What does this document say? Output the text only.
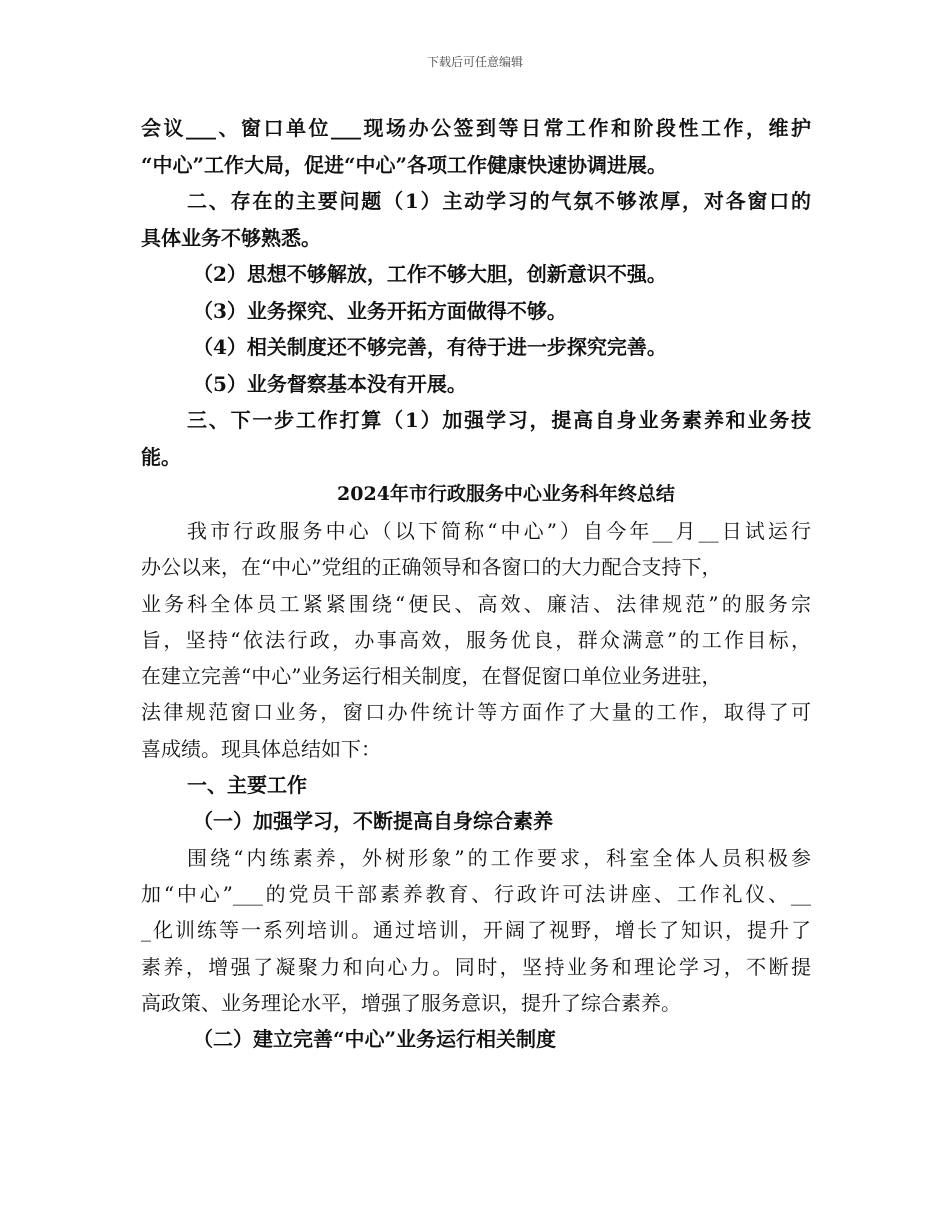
下载后可任意编辑
会议___、窗口单位___现场办公签到等日常工作和阶段性工作，维护
“中心”工作大局，促进“中心”各项工作健康快速协调进展。
二、存在的主要问题（1）主动学习的气氛不够浓厚，对各窗口的
具体业务不够熟悉。
（2）思想不够解放，工作不够大胆，创新意识不强。
（3）业务探究、业务开拓方面做得不够。
（4）相关制度还不够完善，有待于进一步探究完善。
（5）业务督察基本没有开展。
三、下一步工作打算（1）加强学习，提高自身业务素养和业务技
能。
2024年市行政服务中心业务科年终总结
我市行政服务中心（以下简称“中心”）自今年__月__日试运行
办公以来，在“中心”党组的正确领导和各窗口的大力配合支持下，
业务科全体员工紧紧围绕“便民、高效、廉洁、法律规范”的服务宗
旨，坚持“依法行政，办事高效，服务优良，群众满意”的工作目标，
在建立完善“中心”业务运行相关制度，在督促窗口单位业务进驻，
法律规范窗口业务，窗口办件统计等方面作了大量的工作，取得了可
喜成绩。现具体总结如下：
一、主要工作
（一）加强学习，不断提高自身综合素养
围绕“内练素养，外树形象”的工作要求，科室全体人员积极参
加“中心”___的党员干部素养教育、行政许可法讲座、工作礼仪、__
_化训练等一系列培训。通过培训，开阔了视野，增长了知识，提升了
素养，增强了凝聚力和向心力。同时，坚持业务和理论学习，不断提
高政策、业务理论水平，增强了服务意识，提升了综合素养。
（二）建立完善“中心”业务运行相关制度
